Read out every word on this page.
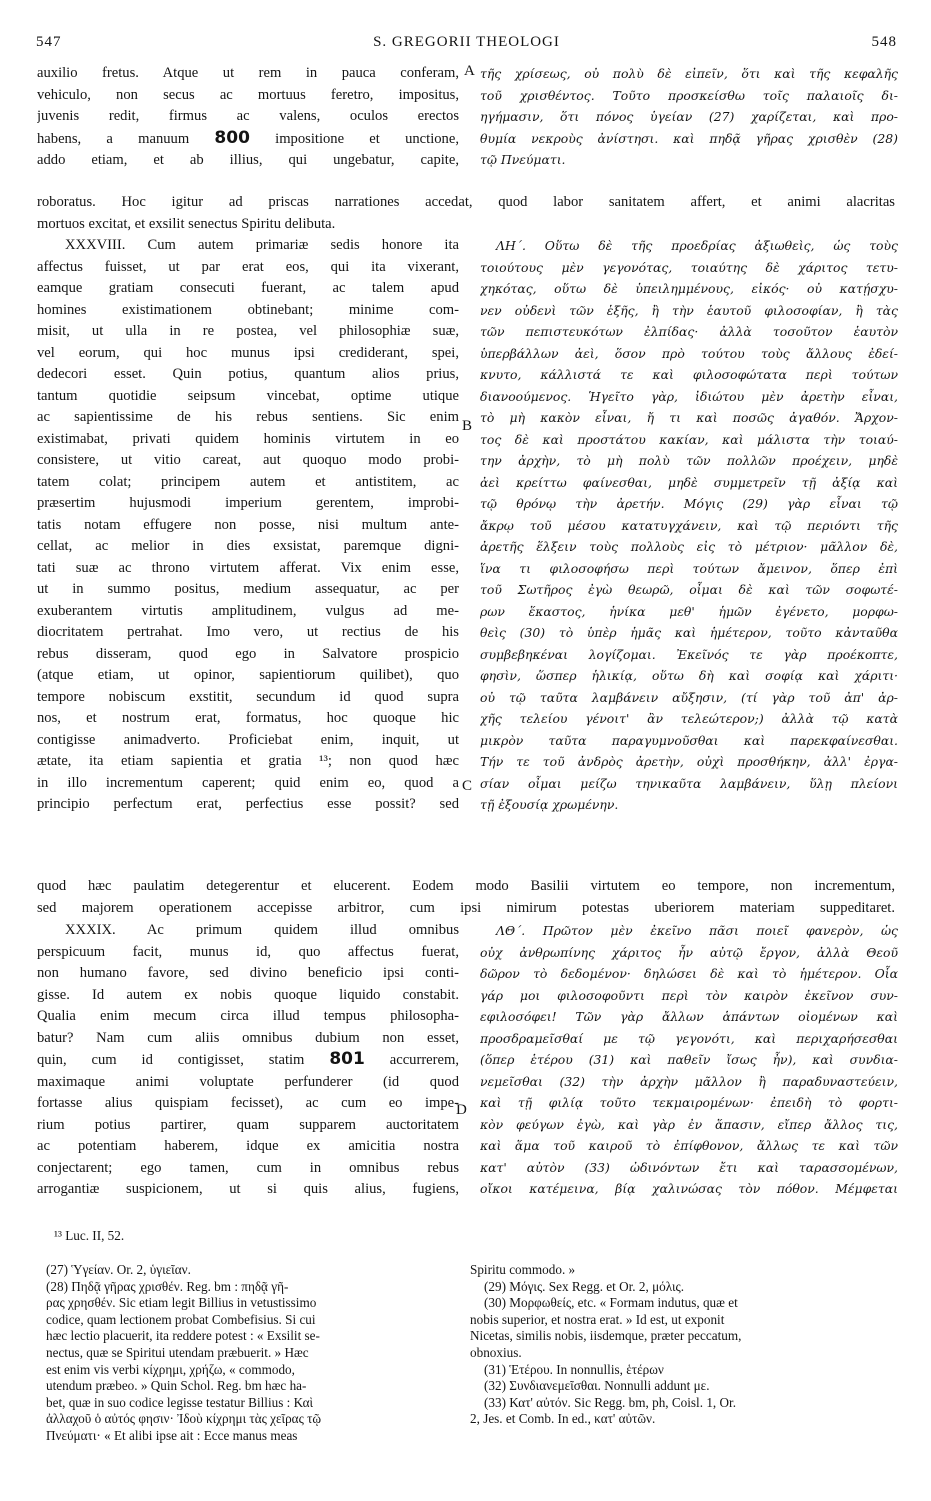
547	S. GREGORII THEOLOGI	548
auxilio fretus. Atque ut rem in pauca conferam,
vehiculo, non secus ac mortuus feretro, impositus,
juvenis redit, firmus ac valens, oculos erectos
habens, a manuum 800 impositione et unctione,
addo etiam, et ab illius, qui ungebatur, capite,
A τῆς χρίσεως, οὐ πολὺ δὲ εἰπεῖν, ὅτι καὶ τῆς κεφαλῆς
τοῦ χρισθέντος. Τοῦτο προσκείσθω τοῖς παλαιοῖς δι-
ηγήμασιν, ὅτι πόνος ὑγείαν (27) χαρίζεται, καὶ προ-
θυμία νεκροὺς ἀνίστησι. καὶ πηδᾷ γῆρας χρισθὲν (28)
τῷ Πνεύματι.
roboratus. Hoc igitur ad priscas narrationes accedat, quod labor sanitatem affert, et animi alacritas
mortuos excitat, et exsilit senectus Spiritu delibuta.
XXXVIII. Cum autem primariæ sedis honore ita
affectus fuisset, ut par erat eos, qui ita vixerant,
eamque gratiam consecuti fuerant, ac talem apud
homines existimationem obtinebant; minime com-
misit, ut ulla in re postea, vel philosophiæ suæ,
vel eorum, qui hoc munus ipsi crediderant, spei,
dedecori esset. Quin potius, quantum alios prius,
tantum quotidie seipsum vincebat, optime utique
ac sapientissime de his rebus sentiens. Sic enim
existimabat, privati quidem hominis virtutem in eo
consistere, ut vitio careat, aut quoquo modo probi-
tatem colat; principem autem et antistitem, ac
præsertim hujusmodi imperium gerentem, improbi-
tatis notam effugere non posse, nisi multum ante-
cellat, ac melior in dies exsistat, paremque digni-
tati suæ ac throno virtutem afferat. Vix enim esse,
ut in summo positus, medium assequatur, ac per
exuberantem virtutis amplitudinem, vulgus ad me-
diocritatem pertrahat. Imo vero, ut rectius de his
rebus disseram, quod ego in Salvatore prospicio
(atque etiam, ut opinor, sapientiorum quilibet), quo
tempore nobiscum exstitit, secundum id quod supra
nos, et nostrum erat, formatus, hoc quoque hic
contigisse animadverto. Proficiebat enim, inquit, ut
ætate, ita etiam sapientia et gratia ¹³; non quod hæc
in illo incrementum caperent; quid enim eo, quod a
principio perfectum erat, perfectius esse possit? sed
B
C
ΛΗ΄. Οὕτω δὲ τῆς προεδρίας ἀξιωθεὶς, ὡς τοὺς
τοιούτους μὲν γεγονότας, τοιαύτης δὲ χάριτος τετυ-
χηκότας, οὕτω δὲ ὑπειλημμένους, εἰκός· οὐ κατῄσχυ-
νεν οὐδενὶ τῶν ἑξῆς, ἢ τὴν ἑαυτοῦ φιλοσοφίαν, ἢ τὰς
τῶν πεπιστευκότων ἐλπίδας· ἀλλὰ τοσοῦτον ἑαυτὸν
ὑπερβάλλων ἀεὶ, ὅσον πρὸ τούτου τοὺς ἄλλους ἐδεί-
κνυτο, κάλλιστά τε καὶ φιλοσοφώτατα περὶ τούτων
διανοούμενος. Ἡγεῖτο γὰρ, ἰδιώτου μὲν ἀρετὴν εἶναι,
τὸ μὴ κακὸν εἶναι, ἤ τι καὶ ποσῶς ἀγαθόν. Ἄρχον-
τος δὲ καὶ προστάτου κακίαν, καὶ μάλιστα τὴν τοιαύ-
την ἀρχὴν, τὸ μὴ πολὺ τῶν πολλῶν προέχειν, μηδὲ
ἀεὶ κρείττω φαίνεσθαι, μηδὲ συμμετρεῖν τῇ ἀξίᾳ καὶ
τῷ θρόνῳ τὴν ἀρετήν. Μόγις (29) γὰρ εἶναι τῷ
ἄκρῳ τοῦ μέσου κατατυγχάνειν, καὶ τῷ περιόντι τῆς
ἀρετῆς ἕλξειν τοὺς πολλοὺς εἰς τὸ μέτριον· μᾶλλον δὲ,
ἵνα τι φιλοσοφήσω περὶ τούτων ἄμεινον, ὅπερ ἐπὶ
τοῦ Σωτῆρος ἐγὼ θεωρῶ, οἶμαι δὲ καὶ τῶν σοφωτέ-
ρων ἕκαστος, ἡνίκα μεθ' ἡμῶν ἐγένετο, μορφω-
θεὶς (30) τὸ ὑπὲρ ἡμᾶς καὶ ἡμέτερον, τοῦτο κἀνταῦθα
συμβεβηκέναι λογίζομαι. Ἐκεῖνός τε γὰρ προέκοπτε,
φησὶν, ὥσπερ ἡλικίᾳ, οὕτω δὴ καὶ σοφίᾳ καὶ χάριτι·
οὐ τῷ ταῦτα λαμβάνειν αὔξησιν, (τί γὰρ τοῦ ἀπ' ἀρ-
χῆς τελείου γένοιτ' ἂν τελεώτερον;) ἀλλὰ τῷ κατὰ
μικρὸν ταῦτα παραγυμνοῦσθαι καὶ παρεκφαίνεσθαι.
Τήν τε τοῦ ἀνδρὸς ἀρετὴν, οὐχὶ προσθήκην, ἀλλ' ἐργα-
σίαν οἶμαι μείζω τηνικαῦτα λαμβάνειν, ὕλῃ πλείονι
τῇ ἐξουσίᾳ χρωμένην.
quod hæc paulatim detegerentur et elucerent. Eodem modo Basilii virtutem eo tempore, non incrementum,
sed majorem operationem accepisse arbitror, cum ipsi nimirum potestas uberiorem materiam suppeditaret.
XXXIX. Ac primum quidem illud omnibus
perspicuum facit, munus id, quo affectus fuerat,
non humano favore, sed divino beneficio ipsi conti-
gisse. Id autem ex nobis quoque liquido constabit.
Qualia enim mecum circa illud tempus philosopha-
batur? Nam cum aliis omnibus dubium non esset,
quin, cum id contigisset, statim 801 accurrerem,
maximaque animi voluptate perfunderer (id quod
fortasse alius quispiam fecisset), ac cum eo impe-
rium potius partirer, quam supparem auctoritatem
ac potentiam haberem, idque ex amicitia nostra
conjectarent; ego tamen, cum in omnibus rebus
arrogantiæ suspicionem, ut si quis alius, fugiens,
D
ΛΘ΄. Πρῶτον μὲν ἐκεῖνο πᾶσι ποιεῖ φανερὸν, ὡς
οὐχ ἀνθρωπίνης χάριτος ἦν αὐτῷ ἔργον, ἀλλὰ Θεοῦ
δῶρον τὸ δεδομένον· δηλώσει δὲ καὶ τὸ ἡμέτερον. Οἷα
γάρ μοι φιλοσοφοῦντι περὶ τὸν καιρὸν ἐκεῖνον συν-
εφιλοσόφει! Τῶν γὰρ ἄλλων ἁπάντων οἰομένων καὶ
προσδραμεῖσθαί με τῷ γεγονότι, καὶ περιχαρήσεσθαι
(ὅπερ ἑτέρου (31) καὶ παθεῖν ἴσως ἦν), καὶ συνδια-
νεμεῖσθαι (32) τὴν ἀρχὴν μᾶλλον ἢ παραδυναστεύειν,
καὶ τῇ φιλίᾳ τοῦτο τεκμαιρομένων· ἐπειδὴ τὸ φορτι-
κὸν φεύγων ἐγὼ, καὶ γὰρ ἐν ἅπασιν, εἴπερ ἄλλος τις,
καὶ ἅμα τοῦ καιροῦ τὸ ἐπίφθονον, ἄλλως τε καὶ τῶν
κατ' αὐτὸν (33) ὠδινόντων ἔτι καὶ ταρασσομένων,
οἴκοι κατέμεινα, βίᾳ χαλινώσας τὸν πόθον. Μέμφεται
¹³ Luc. II, 52.
(27) Ὑγείαν. Or. 2, ὑγιεῖαν.
(28) Πηδᾷ γῆρας χρισθέν. Reg. bm : πηδᾷ γῆ-
ρας χρησθέν. Sic etiam legit Billius in vetustissimo
codice, quam lectionem probat Combefisius. Si cui
hæc lectio placuerit, ita reddere potest : « Exsilit se-
nectus, quæ se Spiritui utendam præbuerit. » Hæc
est enim vis verbi κίχρημι, χρήζω, « commodo,
utendum præbeo. » Quin Schol. Reg. bm hæc ha-
bet, quæ in suo codice legisse testatur Billius : Καὶ
ἀλλαχοῦ ὁ αὐτός φησιν· Ἰδοὺ κίχρημι τὰς χεῖρας τῷ
Πνεύματι· « Et alibi ipse ait : Ecce manus meas
Spiritu commodo. »
(29) Μόγις. Sex Regg. et Or. 2, μόλις.
(30) Μορφωθείς, etc. « Formam indutus, quæ et
nobis superior, et nostra erat. » Id est, ut exponit
Nicetas, similis nobis, iisdemque, præter peccatum,
obnoxius.
(31) Ἑτέρου. In nonnullis, ἑτέρων
(32) Συνδιανεμεῖσθαι. Nonnulli addunt με.
(33) Κατ' αὐτόν. Sic Regg. bm, ph, Coisl. 1, Or.
2, Jes. et Comb. In ed., κατ' αὐτῶν.
